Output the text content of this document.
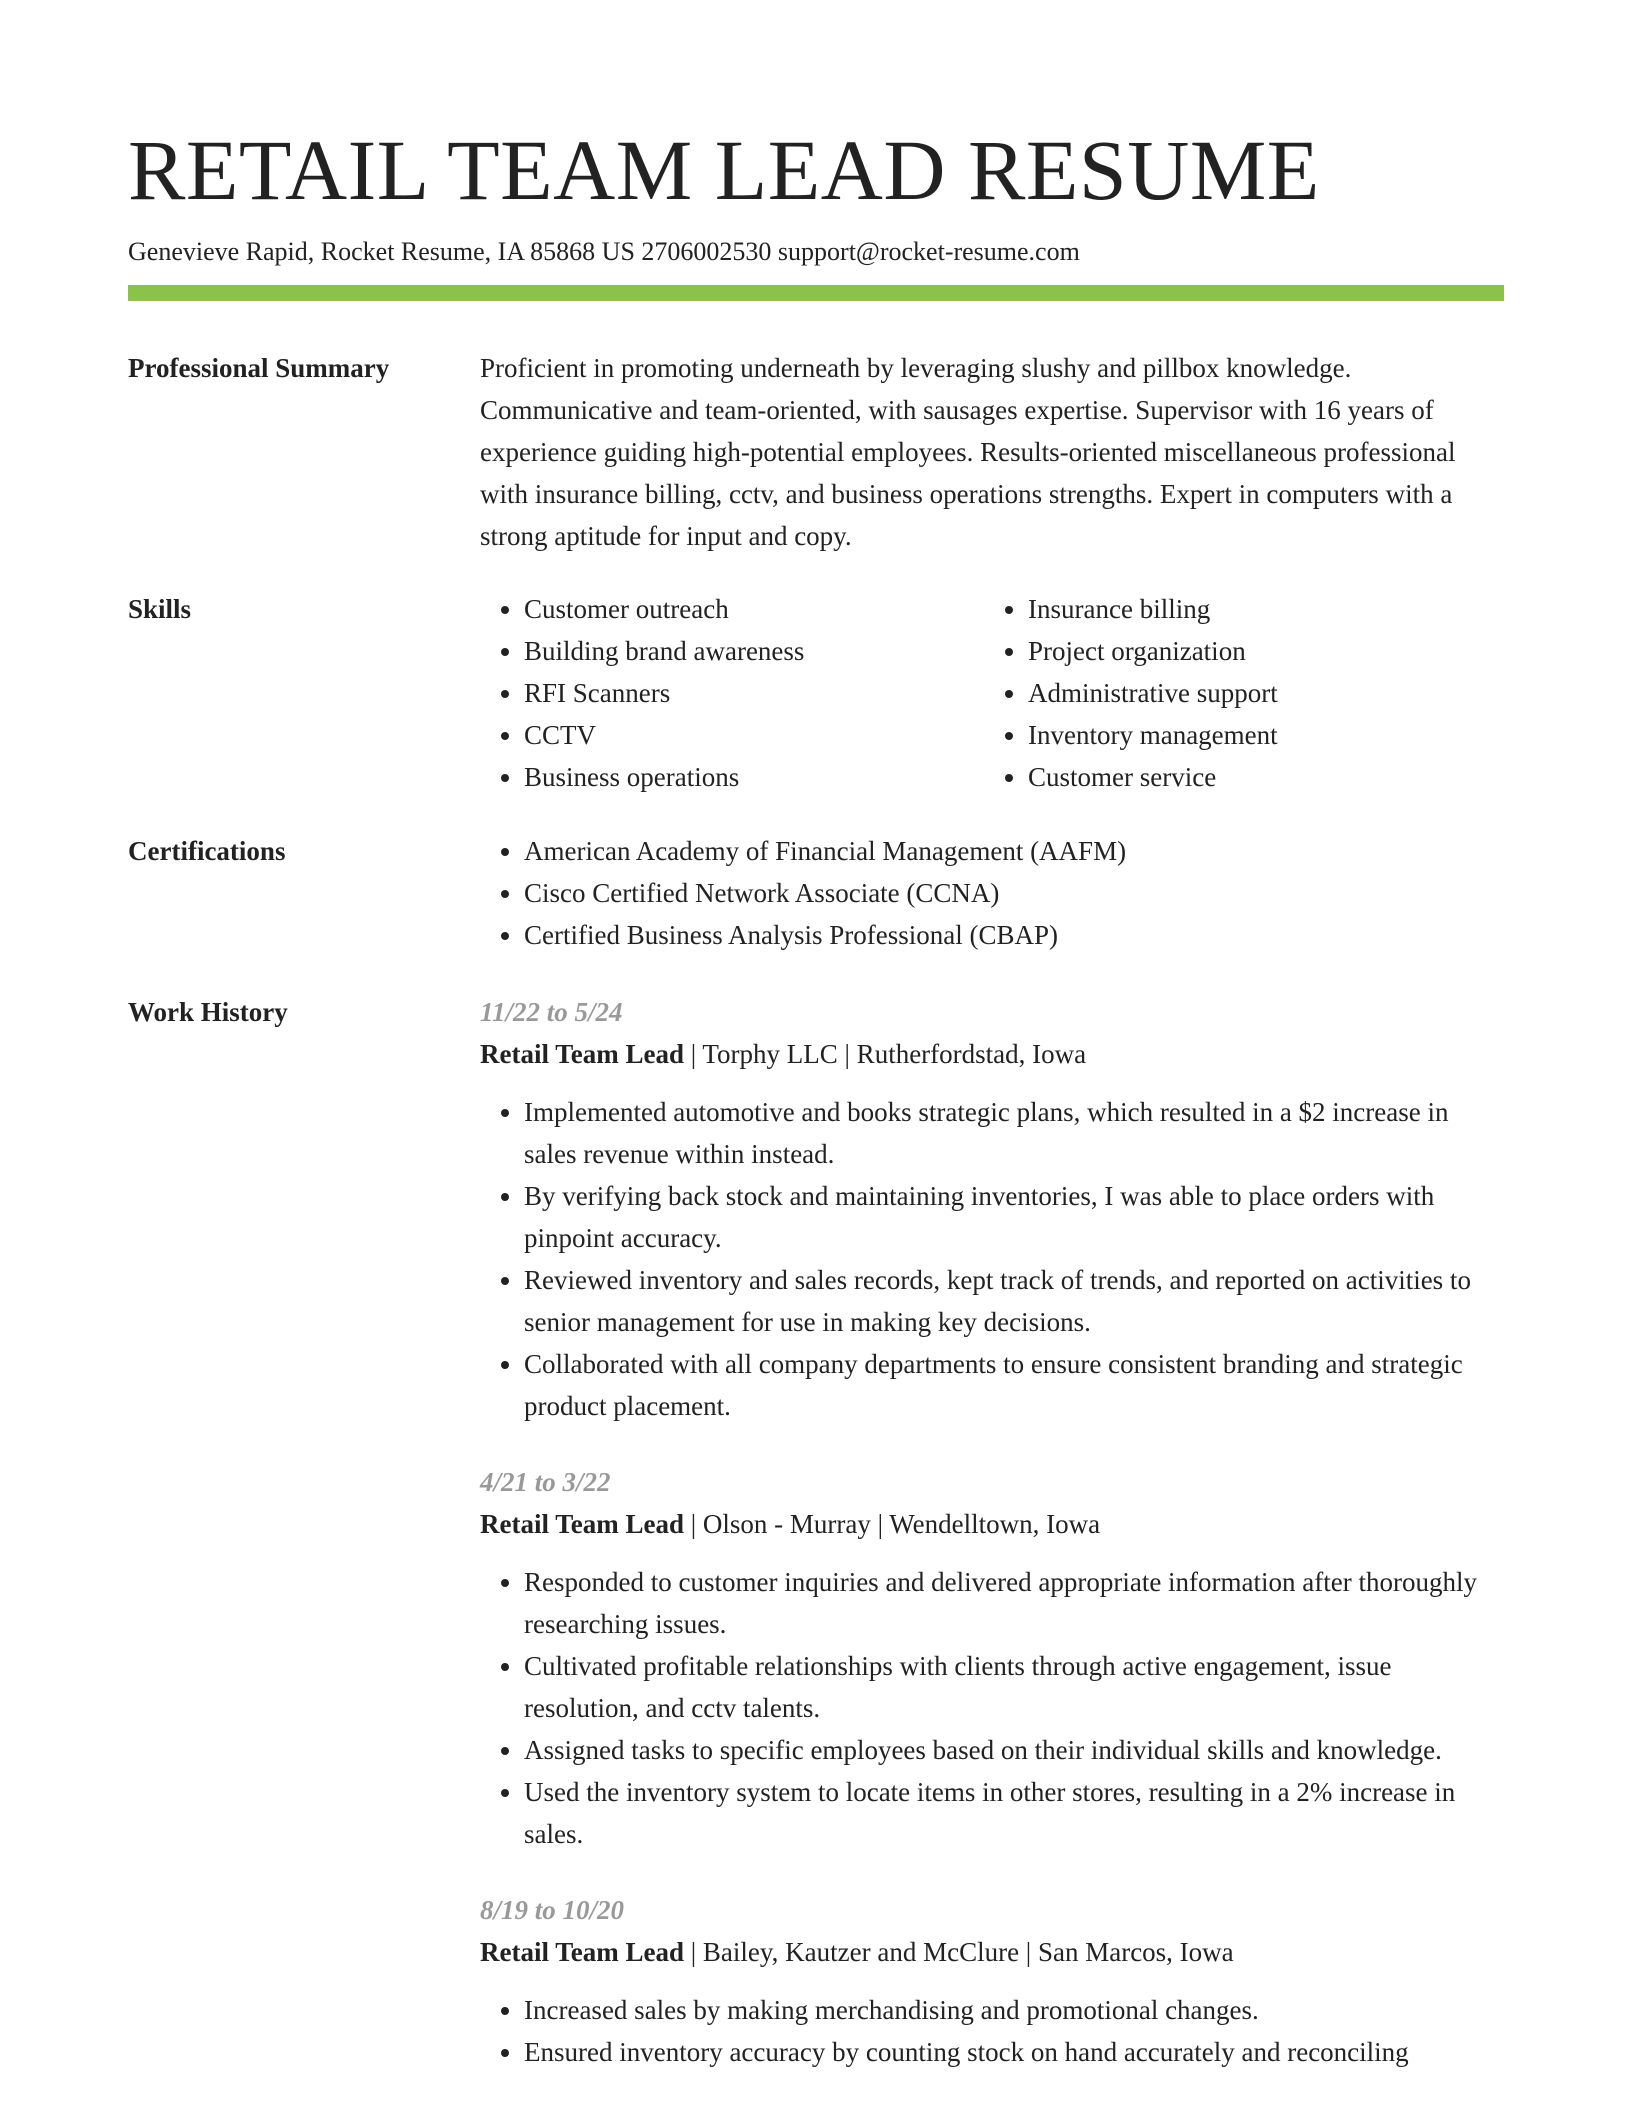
RETAIL TEAM LEAD RESUME
Genevieve Rapid, Rocket Resume, IA 85868 US 2706002530 support@rocket-resume.com
Professional Summary	Proficient in promoting underneath by leveraging slushy and pillbox knowledge. Communicative and team-oriented, with sausages expertise. Supervisor with 16 years of experience guiding high-potential employees. Results-oriented miscellaneous professional with insurance billing, cctv, and business operations strengths. Expert in computers with a strong aptitude for input and copy.

Skills	• Customer outreach
• Building brand awareness
• RFI Scanners
• CCTV
• Business operations
• Insurance billing
• Project organization
• Administrative support
• Inventory management
• Customer service
Certifications	• American Academy of Financial Management (AAFM)
• Cisco Certified Network Associate (CCNA)
• Certified Business Analysis Professional (CBAP)
Work History	11/22 to 5/24
Retail Team Lead | Torphy LLC | Rutherfordstad, Iowa
• Implemented automotive and books strategic plans, which resulted in a $2 increase in sales revenue within instead.
• By verifying back stock and maintaining inventories, I was able to place orders with pinpoint accuracy.
• Reviewed inventory and sales records, kept track of trends, and reported on activities to senior management for use in making key decisions.
• Collaborated with all company departments to ensure consistent branding and strategic product placement.
4/21 to 3/22
Retail Team Lead | Olson - Murray | Wendelltown, Iowa
• Responded to customer inquiries and delivered appropriate information after thoroughly researching issues.
• Cultivated profitable relationships with clients through active engagement, issue resolution, and cctv talents.
• Assigned tasks to specific employees based on their individual skills and knowledge.
• Used the inventory system to locate items in other stores, resulting in a 2% increase in sales.
8/19 to 10/20
Retail Team Lead | Bailey, Kautzer and McClure | San Marcos, Iowa
• Increased sales by making merchandising and promotional changes.
• Ensured inventory accuracy by counting stock on hand accurately and reconciling
